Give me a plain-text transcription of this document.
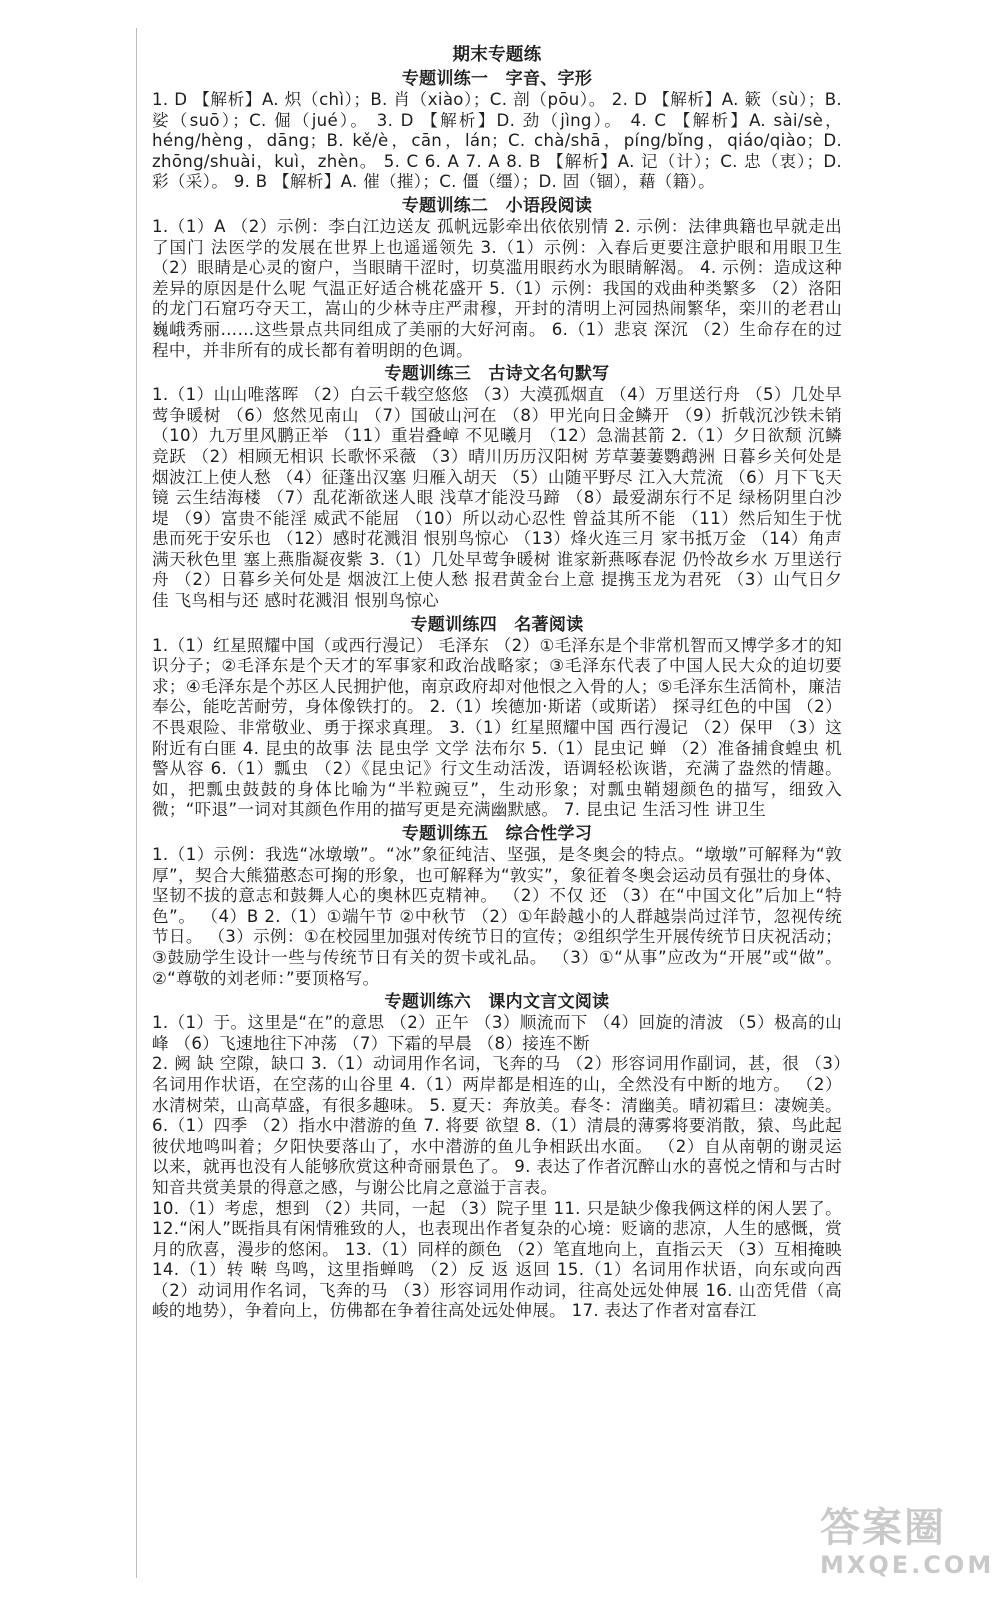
期末专题练
专题训练一　字音、字形

1. D 【解析】A. 炽（chì）；B. 肖（xiào）；C. 剖（pōu）。 2. D 【解析】A. 簌（sù）；B. 娑（suō）；C. 倔（jué）。 3. D 【解析】D. 劲（jìng）。 4. C 【解析】A. sài/sè，héng/hèng，dāng；B. kě/è，cān，lán；C. chà/shā，píng/bǐng，qiáo/qiào；D. zhōng/shuài，kuì，zhèn。 5. C 6. A 7. A 8. B 【解析】A. 记（计）；C. 忠（衷）；D. 彩（采）。 9. B 【解析】A. 催（摧）；C. 僵（缰）；D. 固（锢），藉（籍）。

专题训练二　小语段阅读

1.（1）A （2）示例：李白江边送友 孤帆远影牵出依依别情 2. 示例：法律典籍也早就走出了国门 法医学的发展在世界上也遥遥领先 3.（1）示例：入春后更要注意护眼和用眼卫生 （2）眼睛是心灵的窗户，当眼睛干涩时，切莫滥用眼药水为眼睛解渴。 4. 示例：造成这种差异的原因是什么呢 气温正好适合桃花盛开 5.（1）示例：我国的戏曲种类繁多 （2）洛阳的龙门石窟巧夺天工，嵩山的少林寺庄严肃穆，开封的清明上河园热闹繁华，栾川的老君山巍峨秀丽……这些景点共同组成了美丽的大好河南。 6.（1）悲哀 深沉 （2）生命存在的过程中，并非所有的成长都有着明朗的色调。

专题训练三　古诗文名句默写

1.（1）山山唯落晖 （2）白云千载空悠悠 （3）大漠孤烟直 （4）万里送行舟 （5）几处早莺争暖树 （6）悠然见南山 （7）国破山河在 （8）甲光向日金鳞开 （9）折戟沉沙铁未销 （10）九万里风鹏正举 （11）重岩叠嶂 不见曦月 （12）急湍甚箭 2.（1）夕日欲颓 沉鳞竞跃 （2）相顾无相识 长歌怀采薇 （3）晴川历历汉阳树 芳草萋萋鹦鹉洲 日暮乡关何处是 烟波江上使人愁 （4）征蓬出汉塞 归雁入胡天 （5）山随平野尽 江入大荒流 （6）月下飞天镜 云生结海楼 （7）乱花渐欲迷人眼 浅草才能没马蹄 （8）最爱湖东行不足 绿杨阴里白沙堤 （9）富贵不能淫 威武不能屈 （10）所以动心忍性 曾益其所不能 （11）然后知生于忧患而死于安乐也 （12）感时花溅泪 恨别鸟惊心 （13）烽火连三月 家书抵万金 （14）角声满天秋色里 塞上燕脂凝夜紫 3.（1）几处早莺争暖树 谁家新燕啄春泥 仍怜故乡水 万里送行舟 （2）日暮乡关何处是 烟波江上使人愁 报君黄金台上意 提携玉龙为君死 （3）山气日夕佳 飞鸟相与还 感时花溅泪 恨别鸟惊心

专题训练四　名著阅读

1.（1）红星照耀中国（或西行漫记） 毛泽东 （2）①毛泽东是个非常机智而又博学多才的知识分子；②毛泽东是个天才的军事家和政治战略家；③毛泽东代表了中国人民大众的迫切要求；④毛泽东是个苏区人民拥护他，南京政府却对他恨之入骨的人；⑤毛泽东生活简朴，廉洁奉公，能吃苦耐劳，身体像铁打的。 2.（1）埃德加·斯诺（或斯诺） 探寻红色的中国 （2）不畏艰险、非常敬业、勇于探求真理。 3.（1）红星照耀中国 西行漫记 （2）保甲 （3）这附近有白匪 4. 昆虫的故事 法 昆虫学 文学 法布尔 5.（1）昆虫记 蝉 （2）准备捕食蝗虫 机警从容 6.（1）瓢虫 （2）《昆虫记》行文生动活泼，语调轻松诙谐，充满了盎然的情趣。如，把瓢虫鼓鼓的身体比喻为“半粒豌豆”，生动形象；对瓢虫鞘翅颜色的描写，细致入微；“吓退”一词对其颜色作用的描写更是充满幽默感。 7. 昆虫记 生活习性 讲卫生

专题训练五　综合性学习

1.（1）示例：我选“冰墩墩”。“冰”象征纯洁、坚强，是冬奥会的特点。“墩墩”可解释为“敦厚”，契合大熊猫憨态可掬的形象，也可解释为“敦实”，象征着冬奥会运动员有强壮的身体、坚韧不拔的意志和鼓舞人心的奥林匹克精神。 （2）不仅 还 （3）在“中国文化”后加上“特色”。 （4）B 2.（1）①端午节 ②中秋节 （2）①年龄越小的人群越崇尚过洋节，忽视传统节日。 （3）示例：①在校园里加强对传统节日的宣传；②组织学生开展传统节日庆祝活动；③鼓励学生设计一些与传统节日有关的贺卡或礼品。 （3）①“从事”应改为“开展”或“做”。 ②“尊敬的刘老师：”要顶格写。

专题训练六　课内文言文阅读

1.（1）于。这里是“在”的意思 （2）正午 （3）顺流而下 （4）回旋的清波 （5）极高的山峰 （6）飞速地往下冲荡 （7）下霜的早晨 （8）接连不断

2. 阙 缺 空隙，缺口 3.（1）动词用作名词，飞奔的马 （2）形容词用作副词，甚，很 （3）名词用作状语，在空荡的山谷里 4.（1）两岸都是相连的山，全然没有中断的地方。 （2）水清树荣，山高草盛，有很多趣味。 5. 夏天：奔放美。春冬：清幽美。晴初霜旦：凄婉美。 6.（1）四季 （2）指水中潜游的鱼 7. 将要 欲望 8.（1）清晨的薄雾将要消散，猿、鸟此起彼伏地鸣叫着；夕阳快要落山了，水中潜游的鱼儿争相跃出水面。 （2）自从南朝的谢灵运以来，就再也没有人能够欣赏这种奇丽景色了。 9. 表达了作者沉醉山水的喜悦之情和与古时知音共赏美景的得意之感，与谢公比肩之意溢于言表。

10.（1）考虑，想到 （2）共同，一起 （3）院子里 11. 只是缺少像我俩这样的闲人罢了。 12.“闲人”既指具有闲情雅致的人，也表现出作者复杂的心境：贬谪的悲凉，人生的感慨，赏月的欣喜，漫步的悠闲。 13.（1）同样的颜色 （2）笔直地向上，直指云天 （3）互相掩映 14.（1）转 啭 鸟鸣，这里指蝉鸣 （2）反 返 返回 15.（1）名词用作状语，向东或向西 （2）动词用作名词，飞奔的马 （3）形容词用作动词，往高处远处伸展 16. 山峦凭借（高峻的地势），争着向上，仿佛都在争着往高处远处伸展。 17. 表达了作者对富春江

答案圈
MXQE.COM
